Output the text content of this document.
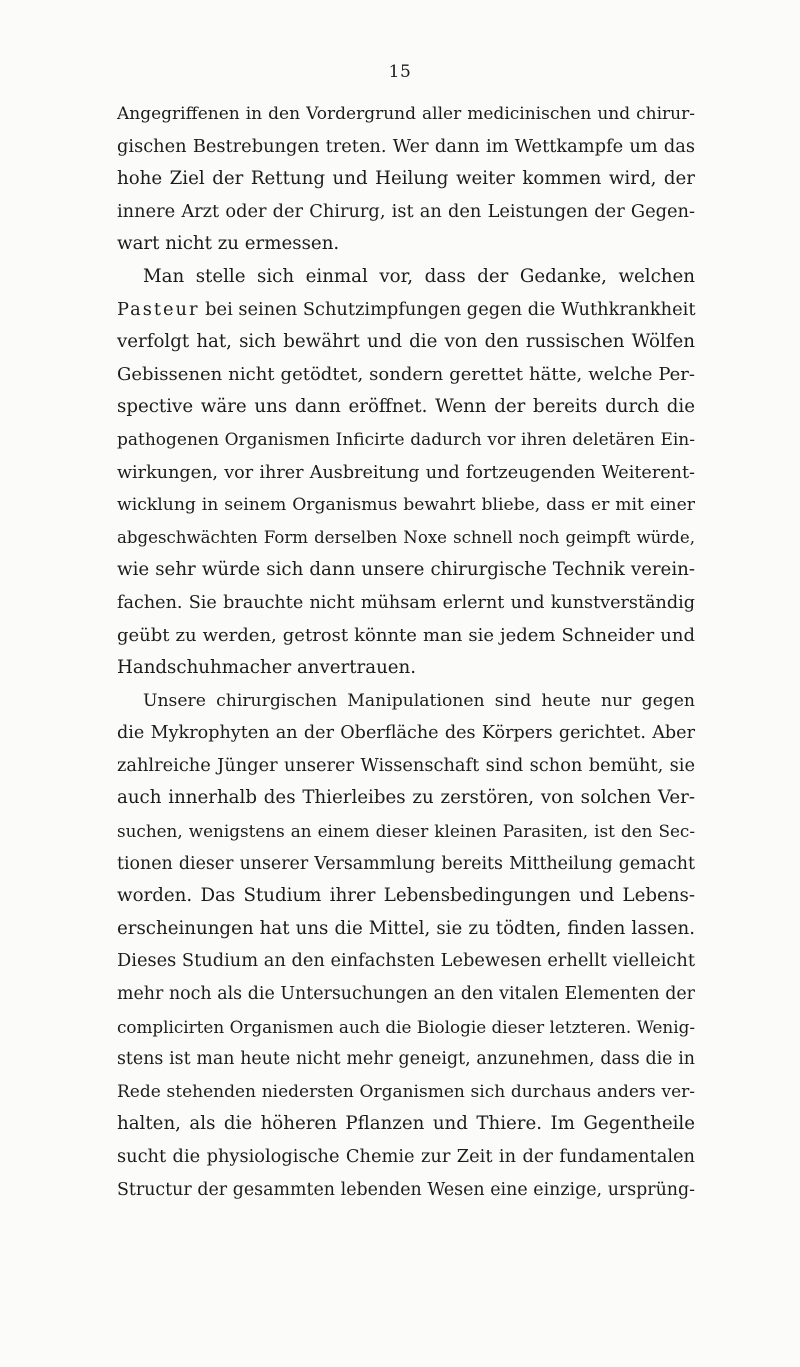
15
Angegriffenen in den Vordergrund aller medicinischen und chirur-
gischen Bestrebungen treten. Wer dann im Wettkampfe um das
hohe Ziel der Rettung und Heilung weiter kommen wird, der
innere Arzt oder der Chirurg, ist an den Leistungen der Gegen-
wart nicht zu ermessen.
Man stelle sich einmal vor, dass der Gedanke, welchen
Pasteur bei seinen Schutzimpfungen gegen die Wuthkrankheit
verfolgt hat, sich bewährt und die von den russischen Wölfen
Gebissenen nicht getödtet, sondern gerettet hätte, welche Per-
spective wäre uns dann eröffnet. Wenn der bereits durch die
pathogenen Organismen Inficirte dadurch vor ihren deletären Ein-
wirkungen, vor ihrer Ausbreitung und fortzeugenden Weiterent-
wicklung in seinem Organismus bewahrt bliebe, dass er mit einer
abgeschwächten Form derselben Noxe schnell noch geimpft würde,
wie sehr würde sich dann unsere chirurgische Technik verein-
fachen. Sie brauchte nicht mühsam erlernt und kunstverständig
geübt zu werden, getrost könnte man sie jedem Schneider und
Handschuhmacher anvertrauen.
Unsere chirurgischen Manipulationen sind heute nur gegen
die Mykrophyten an der Oberfläche des Körpers gerichtet. Aber
zahlreiche Jünger unserer Wissenschaft sind schon bemüht, sie
auch innerhalb des Thierleibes zu zerstören, von solchen Ver-
suchen, wenigstens an einem dieser kleinen Parasiten, ist den Sec-
tionen dieser unserer Versammlung bereits Mittheilung gemacht
worden. Das Studium ihrer Lebensbedingungen und Lebens-
erscheinungen hat uns die Mittel, sie zu tödten, finden lassen.
Dieses Studium an den einfachsten Lebewesen erhellt vielleicht
mehr noch als die Untersuchungen an den vitalen Elementen der
complicirten Organismen auch die Biologie dieser letzteren. Wenig-
stens ist man heute nicht mehr geneigt, anzunehmen, dass die in
Rede stehenden niedersten Organismen sich durchaus anders ver-
halten, als die höheren Pflanzen und Thiere. Im Gegentheile
sucht die physiologische Chemie zur Zeit in der fundamentalen
Structur der gesammten lebenden Wesen eine einzige, ursprüng-
